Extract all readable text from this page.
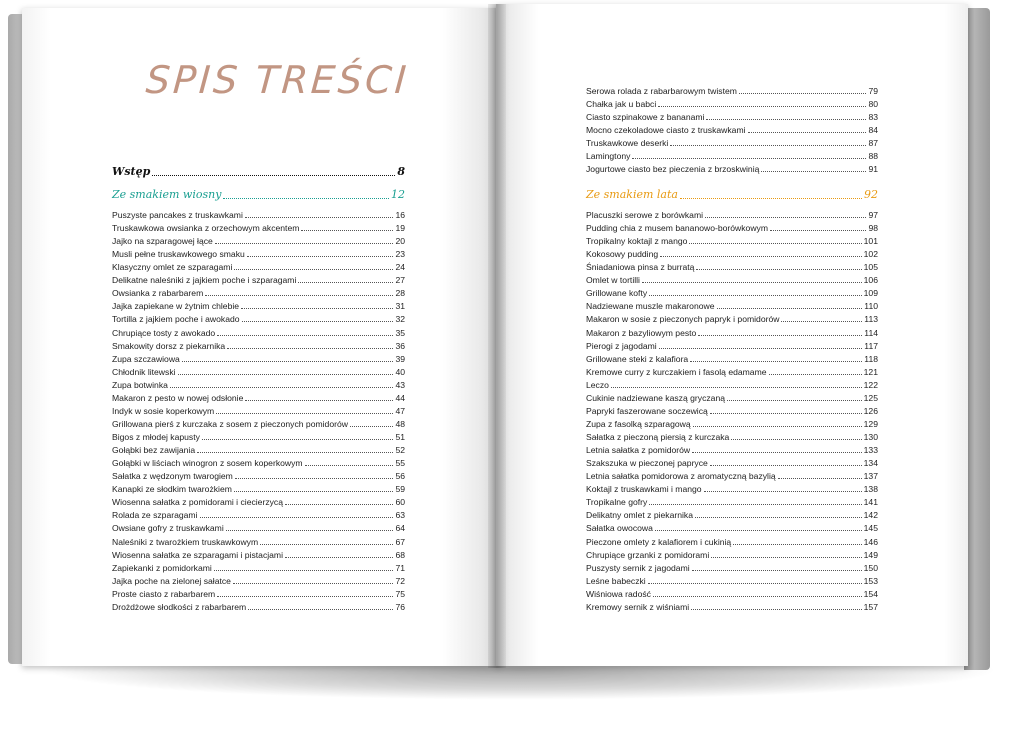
SPIS TREŚCI
Wstęp	8
Ze smakiem wiosny	12
Puszyste pancakes z truskawkami	16
Truskawkowa owsianka z orzechowym akcentem	19
Jajko na szparagowej łące	20
Musli pełne truskawkowego smaku	23
Klasyczny omlet ze szparagami	24
Delikatne naleśniki z jajkiem poche i szparagami	27
Owsianka z rabarbarem	28
Jajka zapiekane w żytnim chlebie	31
Tortilla z jajkiem poche i awokado	32
Chrupiące tosty z awokado	35
Smakowity dorsz z piekarnika	36
Zupa szczawiowa	39
Chłodnik litewski	40
Zupa botwinka	43
Makaron z pesto w nowej odsłonie	44
Indyk w sosie koperkowym	47
Grillowana pierś z kurczaka z sosem z pieczonych pomidorów	48
Bigos z młodej kapusty	51
Gołąbki bez zawijania	52
Gołąbki w liściach winogron z sosem koperkowym	55
Sałatka z wędzonym twarogiem	56
Kanapki ze słodkim twarożkiem	59
Wiosenna sałatka z pomidorami i ciecierzycą	60
Rolada ze szparagami	63
Owsiane gofry z truskawkami	64
Naleśniki z twarożkiem truskawkowym	67
Wiosenna sałatka ze szparagami i pistacjami	68
Zapiekanki z pomidorkami	71
Jajka poche na zielonej sałatce	72
Proste ciasto z rabarbarem	75
Drożdżowe słodkości z rabarbarem	76
Serowa rolada z rabarbarowym twistem	79
Chałka jak u babci	80
Ciasto szpinakowe z bananami	83
Mocno czekoladowe ciasto z truskawkami	84
Truskawkowe deserki	87
Lamingtony	88
Jogurtowe ciasto bez pieczenia z brzoskwinią	91
Ze smakiem lata	92
Placuszki serowe z borówkami	97
Pudding chia z musem bananowo-borówkowym	98
Tropikalny koktajl z mango	101
Kokosowy pudding	102
Śniadaniowa pinsa z burratą	105
Omlet w tortilli	106
Grillowane kofty	109
Nadziewane muszle makaronowe	110
Makaron w sosie z pieczonych papryk i pomidorów	113
Makaron z bazyliowym pesto	114
Pierogi z jagodami	117
Grillowane steki z kalafiora	118
Kremowe curry z kurczakiem i fasolą edamame	121
Leczo	122
Cukinie nadziewane kaszą gryczaną	125
Papryki faszerowane soczewicą	126
Zupa z fasolką szparagową	129
Sałatka z pieczoną piersią z kurczaka	130
Letnia sałatka z pomidorów	133
Szakszuka w pieczonej papryce	134
Letnia sałatka pomidorowa z aromatyczną bazylią	137
Koktajl z truskawkami i mango	138
Tropikalne gofry	141
Delikatny omlet z piekarnika	142
Sałatka owocowa	145
Pieczone omlety z kalafiorem i cukinią	146
Chrupiące grzanki z pomidorami	149
Puszysty sernik z jagodami	150
Leśne babeczki	153
Wiśniowa radość	154
Kremowy sernik z wiśniami	157
